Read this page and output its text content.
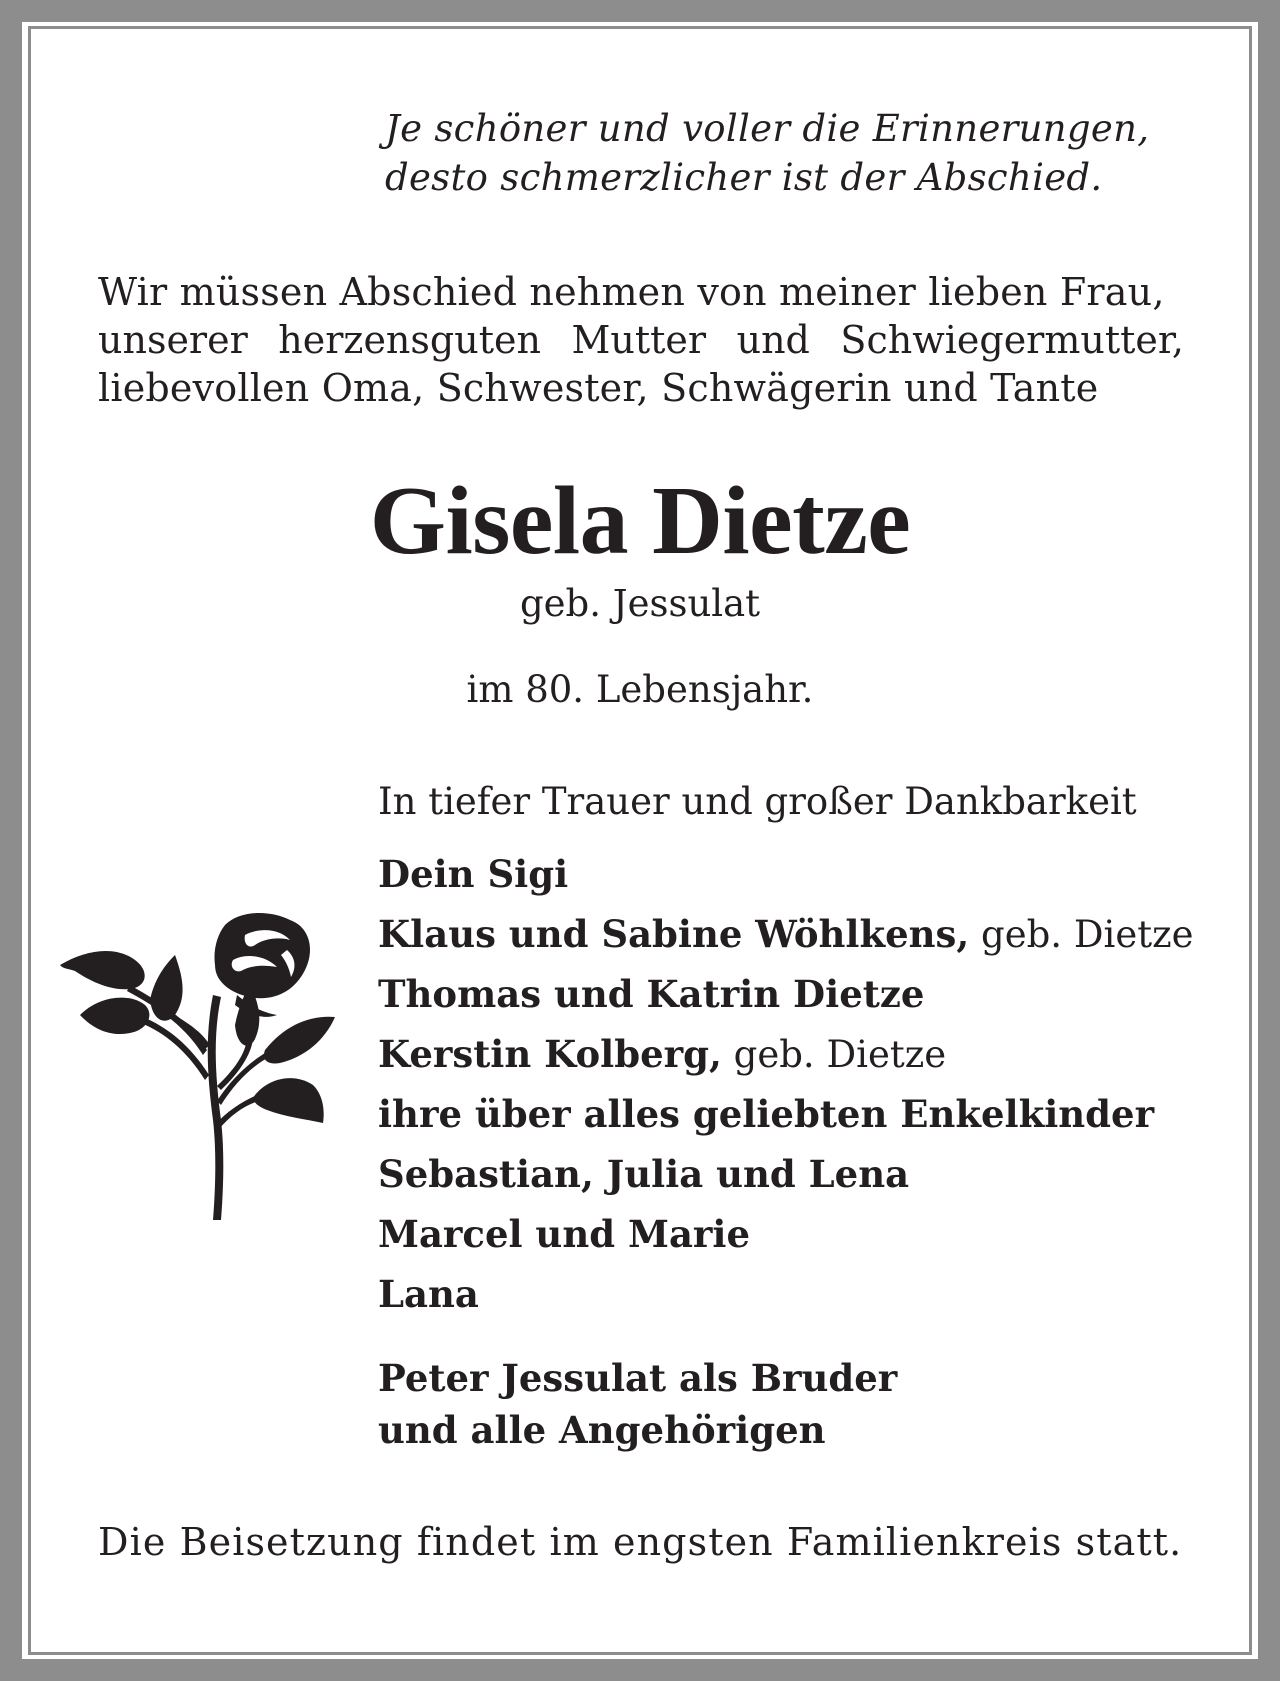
Je schöner und voller die Erinnerungen,
desto schmerzlicher ist der Abschied.
Wir müssen Abschied nehmen von meiner lieben Frau,
unserer herzensguten Mutter und Schwiegermutter,
liebevollen Oma, Schwester, Schwägerin und Tante
Gisela Dietze
geb. Jessulat
im 80. Lebensjahr.
In tiefer Trauer und großer Dankbarkeit
Dein Sigi
Klaus und Sabine Wöhlkens, geb. Dietze
Thomas und Katrin Dietze
Kerstin Kolberg, geb. Dietze
ihre über alles geliebten Enkelkinder
Sebastian, Julia und Lena
Marcel und Marie
Lana
Peter Jessulat als Bruder
und alle Angehörigen
Die Beisetzung findet im engsten Familienkreis statt.
